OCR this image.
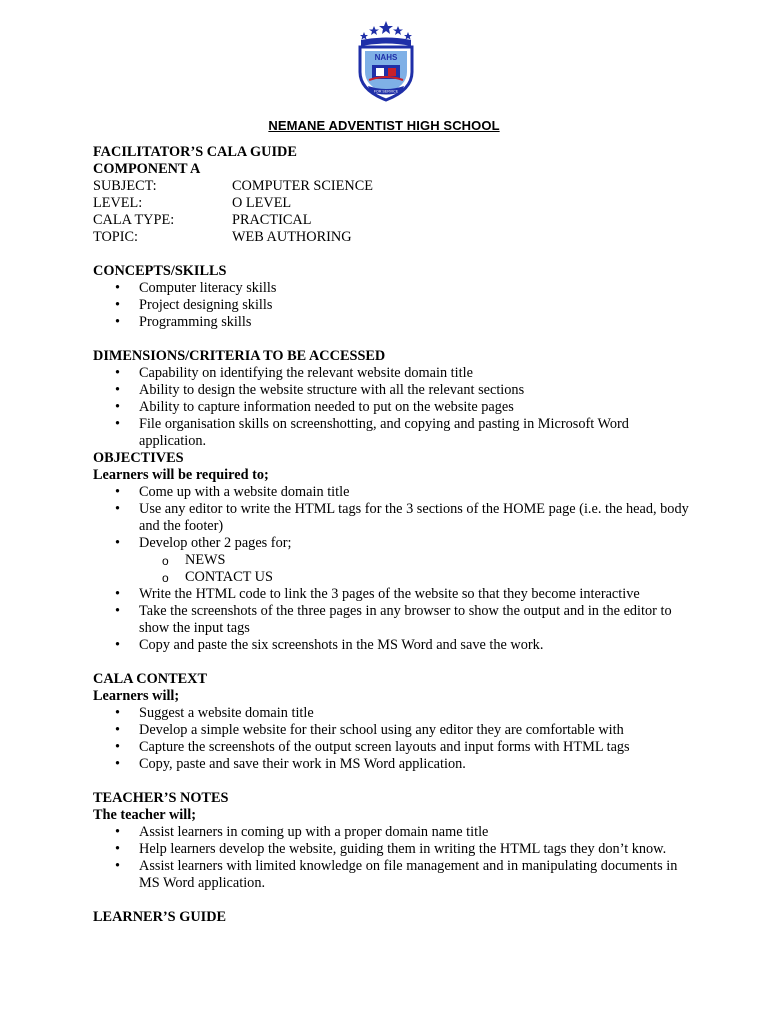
NAHS
FOR SERVICE
NEMANE ADVENTIST HIGH SCHOOL

FACILITATOR’S CALA GUIDE

COMPONENT A

SUBJECT:	COMPUTER SCIENCE
LEVEL:	O LEVEL
CALA TYPE:	PRACTICAL
TOPIC:	WEB AUTHORING

CONCEPTS/SKILLS

• Computer literacy skills
• Project designing skills
• Programming skills

DIMENSIONS/CRITERIA TO BE ACCESSED

• Capability on identifying the relevant website domain title
• Ability to design the website structure with all the relevant sections
• Ability to capture information needed to put on the website pages
• File organisation skills on screenshotting, and copying and pasting in Microsoft Word application.

OBJECTIVES

Learners will be required to;

• Come up with a website domain title
• Use any editor to write the HTML tags for the 3 sections of the HOME page (i.e. the head, body and the footer)
• Develop other 2 pages for;
o NEWS
o CONTACT US
• Write the HTML code to link the 3 pages of the website so that they become interactive
• Take the screenshots of the three pages in any browser to show the output and in the editor to show the input tags
• Copy and paste the six screenshots in the MS Word and save the work.

CALA CONTEXT

Learners will;

• Suggest a website domain title
• Develop a simple website for their school using any editor they are comfortable with
• Capture the screenshots of the output screen layouts and input forms with HTML tags
• Copy, paste and save their work in MS Word application.

TEACHER’S NOTES

The teacher will;

• Assist learners in coming up with a proper domain name title
• Help learners develop the website, guiding them in writing the HTML tags they don’t know.
• Assist learners with limited knowledge on file management and in manipulating documents in MS Word application.

LEARNER’S GUIDE
